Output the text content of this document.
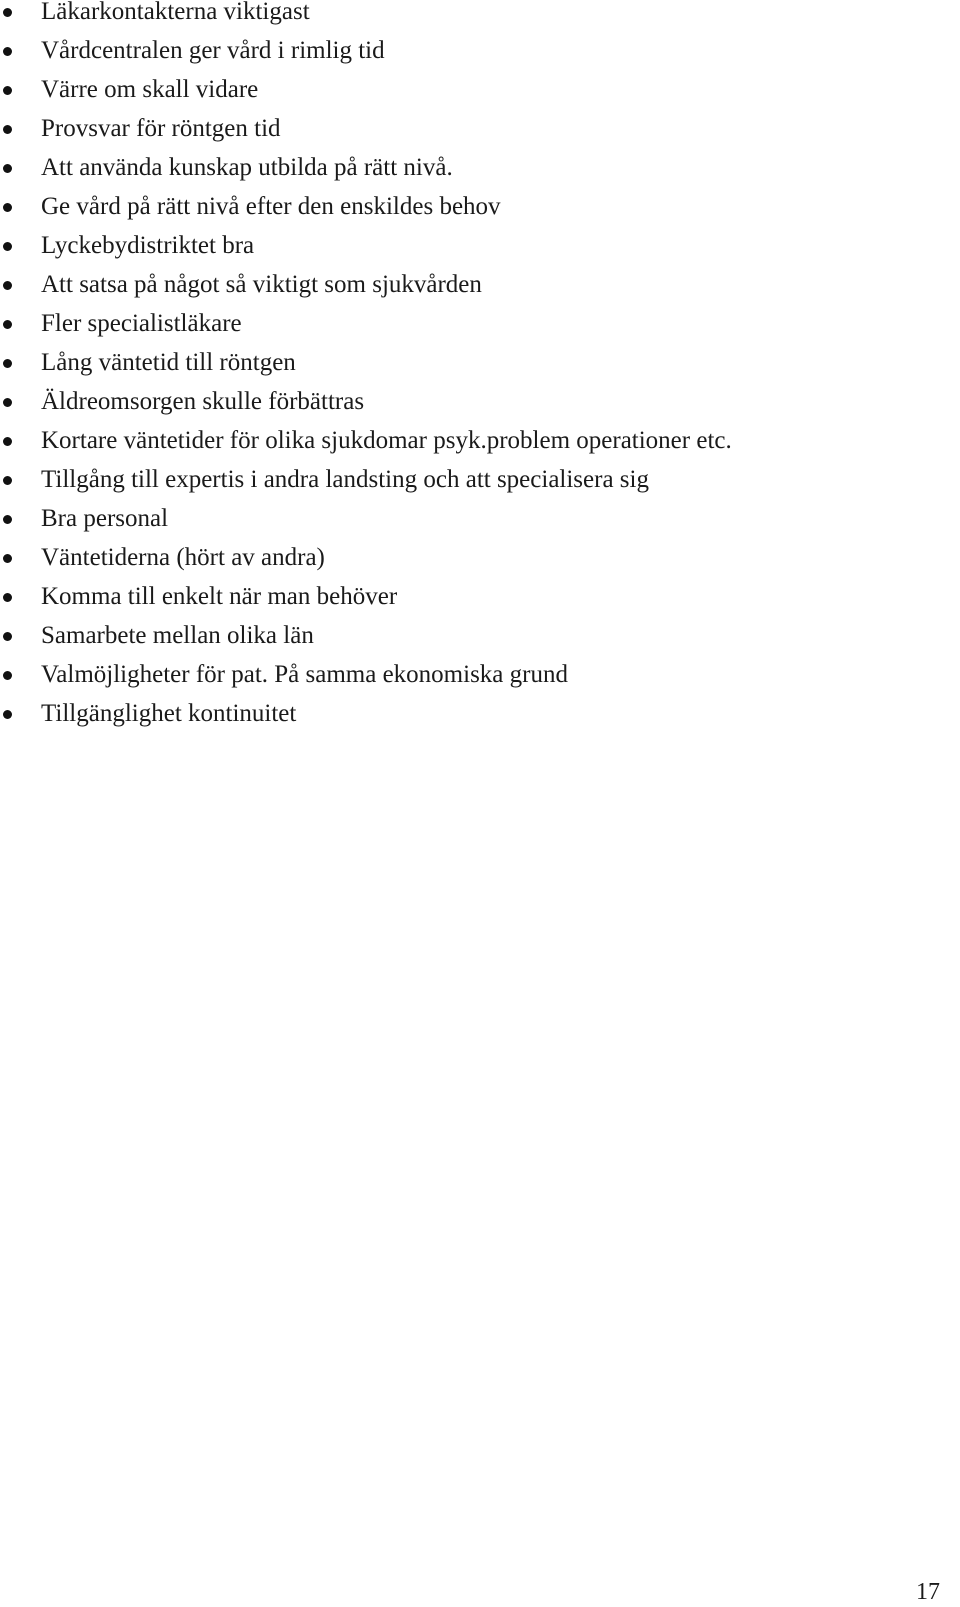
Läkarkontakterna viktigast
Vårdcentralen ger vård i rimlig tid
Värre om skall vidare
Provsvar för röntgen tid
Att använda kunskap utbilda på rätt nivå.
Ge vård på rätt nivå efter den enskildes behov
Lyckebydistriktet bra
Att satsa på något så viktigt som sjukvården
Fler specialistläkare
Lång väntetid till röntgen
Äldreomsorgen skulle förbättras
Kortare väntetider för olika sjukdomar psyk.problem operationer etc.
Tillgång till expertis i andra landsting och att specialisera sig
Bra personal
Väntetiderna (hört av andra)
Komma till enkelt när man behöver
Samarbete mellan olika län
Valmöjligheter för pat. På samma ekonomiska grund
Tillgänglighet kontinuitet
17
